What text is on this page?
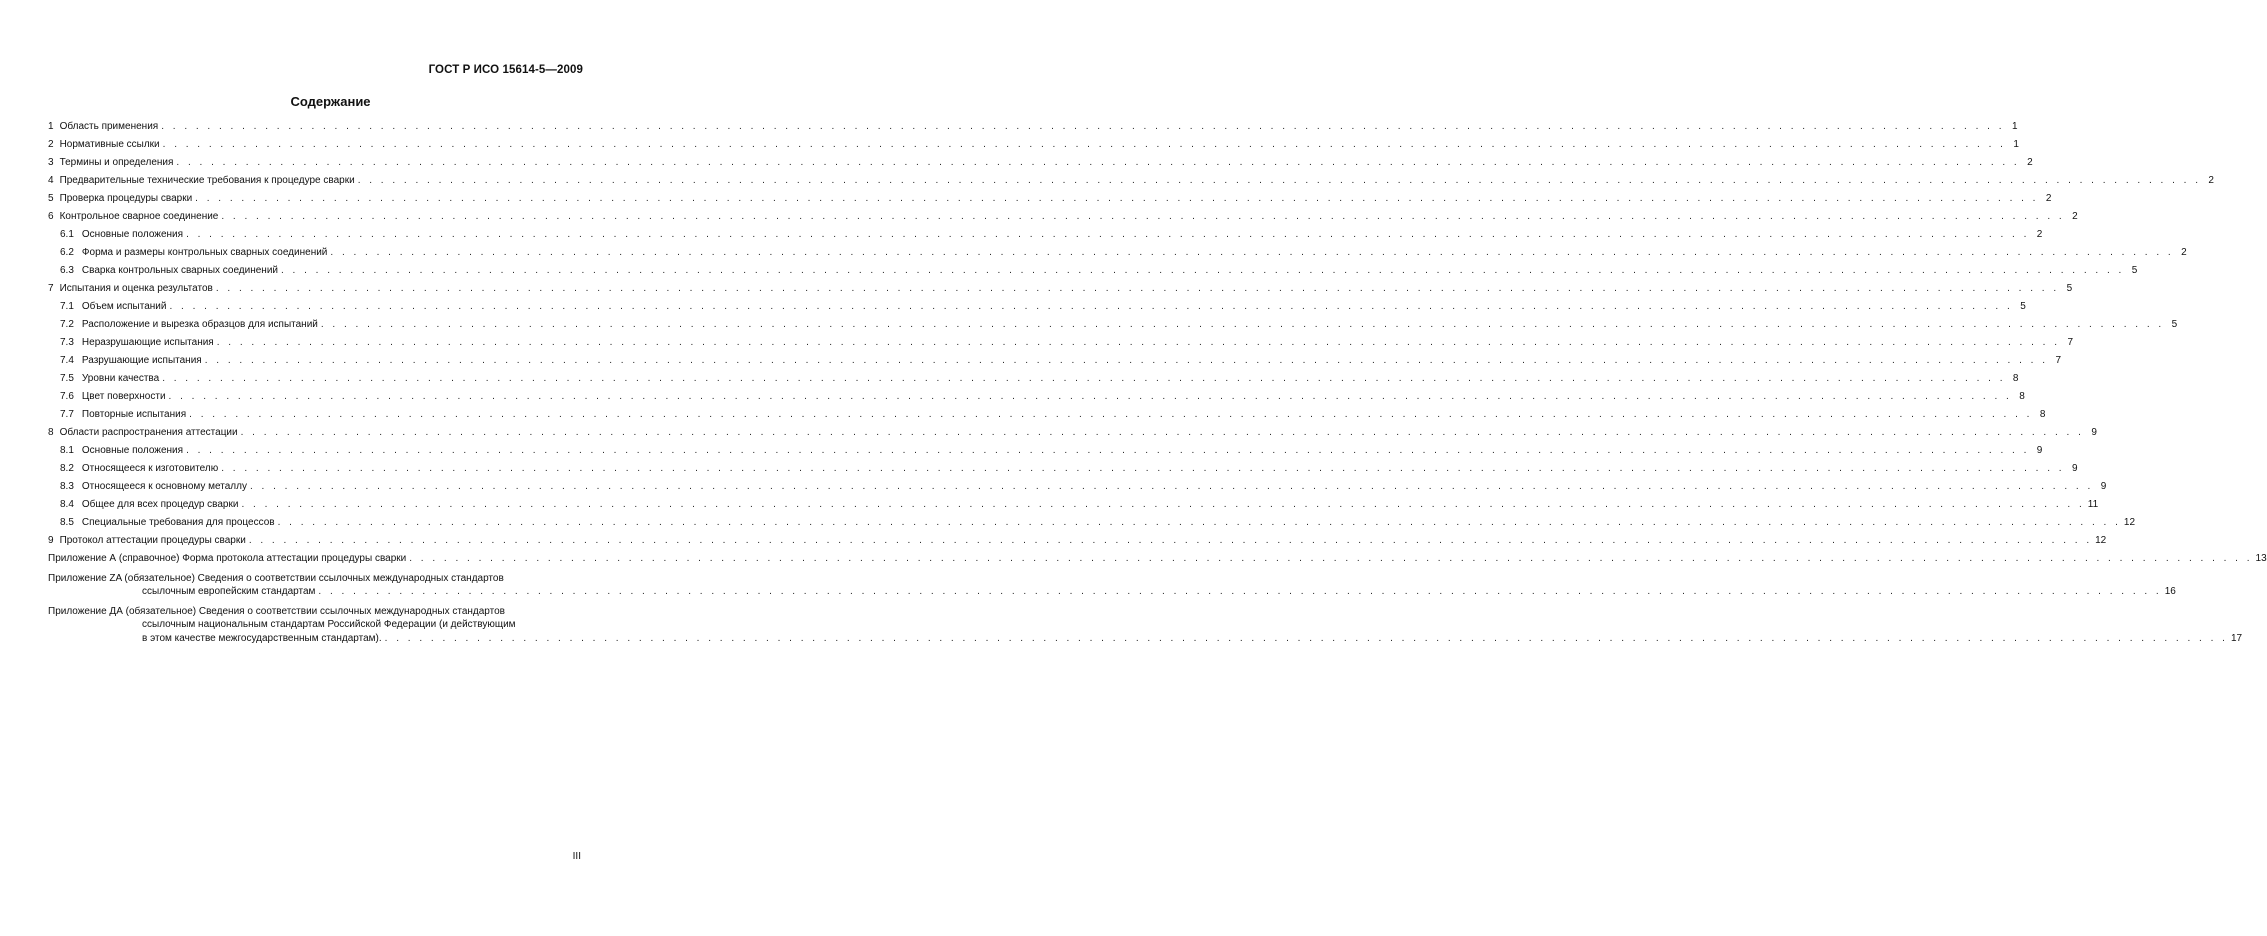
ГОСТ Р ИСО 15614-5—2009
Содержание
1 Область применения . . . . . . . . . . . . . . . . . . . . . . . . . . . . . . . . . . . . . . . . . . . . . . . . . . . . . . . . . . . . . . . . . . . . . . . . . . . . . . . . . . . . . . . . . . . . . . . . . . . . . . . . . . . . . . . . . . . . . . . . . . . . . . . . . . . . . . . . . . . . . . . . . . . . . . . . . . . . . . . . 1
2 Нормативные ссылки . . . . . . . . . . . . . . . . . . . . . . . . . . . . . . . . . . . . . . . . . . . . . . . . . . . . . . . . . . . . . . . . . . . . . . . . . . . . . . . . . . . . . . . . . . . . . . . . . . . . . . . . . . . . . . . . . . . . . . . . . . . . . . . . . . . . . . . . . . . . . . . . . . . . . . . . . . . . . . . . 1
3 Термины и определения . . . . . . . . . . . . . . . . . . . . . . . . . . . . . . . . . . . . . . . . . . . . . . . . . . . . . . . . . . . . . . . . . . . . . . . . . . . . . . . . . . . . . . . . . . . . . . . . . . . . . . . . . . . . . . . . . . . . . . . . . . . . . . . . . . . . . . . . . . . . . . . . . . . . . . . . . . . . . . . . 2
4 Предварительные технические требования к процедуре сварки . . . . . . . . . . . . . . . . . . . . . . . . . . . . . . . . . . . . . . . . . . . . . . . . . . . . . . . . . . . . . . . . . . . . . . . . . . . . . . . . . . . . . . . . . . . . . . . . . . . . . . . . . . . . . . . . . . . . . . . . . . . . . . . . . . . . . . . . . . . . . . . . . . . . . . . . . . . . . . . . 2
5 Проверка процедуры сварки . . . . . . . . . . . . . . . . . . . . . . . . . . . . . . . . . . . . . . . . . . . . . . . . . . . . . . . . . . . . . . . . . . . . . . . . . . . . . . . . . . . . . . . . . . . . . . . . . . . . . . . . . . . . . . . . . . . . . . . . . . . . . . . . . . . . . . . . . . . . . . . . . . . . . . . . . . . . . . . . 2
6 Контрольное сварное соединение . . . . . . . . . . . . . . . . . . . . . . . . . . . . . . . . . . . . . . . . . . . . . . . . . . . . . . . . . . . . . . . . . . . . . . . . . . . . . . . . . . . . . . . . . . . . . . . . . . . . . . . . . . . . . . . . . . . . . . . . . . . . . . . . . . . . . . . . . . . . . . . . . . . . . . . . . . . . . . . . 2
6.1 Основные положения . . . . . . . . . . . . . . . . . . . . . . . . . . . . . . . . . . . . . . . . . . . . . . . . . . . . . . . . . . . . . . . . . . . . . . . . . . . . . . . . . . . . . . . . . . . . . . . . . . . . . . . . . . . . . . . . . . . . . . . . . . . . . . . . . . . . . . . . . . . . . . . . . . . . . . . . . . . . . . . . 2
6.2 Форма и размеры контрольных сварных соединений . . . . . . . . . . . . . . . . . . . . . . . . . . . . . . . . . . . . . . . . . . . . . . . . . . . . . . . . . . . . . . . . . . . . . . . . . . . . . . . . . . . . . . . . . . . . . . . . . . . . . . . . . . . . . . . . . . . . . . . . . . . . . . . . . . . . . . . . . . . . . . . . . . . . . . . . . . . . . . . . 2
6.3 Сварка контрольных сварных соединений . . . . . . . . . . . . . . . . . . . . . . . . . . . . . . . . . . . . . . . . . . . . . . . . . . . . . . . . . . . . . . . . . . . . . . . . . . . . . . . . . . . . . . . . . . . . . . . . . . . . . . . . . . . . . . . . . . . . . . . . . . . . . . . . . . . . . . . . . . . . . . . . . . . . . . . . . . . . . . . . 5
7 Испытания и оценка результатов . . . . . . . . . . . . . . . . . . . . . . . . . . . . . . . . . . . . . . . . . . . . . . . . . . . . . . . . . . . . . . . . . . . . . . . . . . . . . . . . . . . . . . . . . . . . . . . . . . . . . . . . . . . . . . . . . . . . . . . . . . . . . . . . . . . . . . . . . . . . . . . . . . . . . . . . . . . . . . . . 5
7.1 Объем испытаний . . . . . . . . . . . . . . . . . . . . . . . . . . . . . . . . . . . . . . . . . . . . . . . . . . . . . . . . . . . . . . . . . . . . . . . . . . . . . . . . . . . . . . . . . . . . . . . . . . . . . . . . . . . . . . . . . . . . . . . . . . . . . . . . . . . . . . . . . . . . . . . . . . . . . . . . . . . . . . . . 5
7.2 Расположение и вырезка образцов для испытаний . . . . . . . . . . . . . . . . . . . . . . . . . . . . . . . . . . . . . . . . . . . . . . . . . . . . . . . . . . . . . . . . . . . . . . . . . . . . . . . . . . . . . . . . . . . . . . . . . . . . . . . . . . . . . . . . . . . . . . . . . . . . . . . . . . . . . . . . . . . . . . . . . . . . . . . . . . . . . . . . 5
7.3 Неразрушающие испытания . . . . . . . . . . . . . . . . . . . . . . . . . . . . . . . . . . . . . . . . . . . . . . . . . . . . . . . . . . . . . . . . . . . . . . . . . . . . . . . . . . . . . . . . . . . . . . . . . . . . . . . . . . . . . . . . . . . . . . . . . . . . . . . . . . . . . . . . . . . . . . . . . . . . . . . . . . . . . . . . 7
7.4 Разрушающие испытания . . . . . . . . . . . . . . . . . . . . . . . . . . . . . . . . . . . . . . . . . . . . . . . . . . . . . . . . . . . . . . . . . . . . . . . . . . . . . . . . . . . . . . . . . . . . . . . . . . . . . . . . . . . . . . . . . . . . . . . . . . . . . . . . . . . . . . . . . . . . . . . . . . . . . . . . . . . . . . . . 7
7.5 Уровни качества . . . . . . . . . . . . . . . . . . . . . . . . . . . . . . . . . . . . . . . . . . . . . . . . . . . . . . . . . . . . . . . . . . . . . . . . . . . . . . . . . . . . . . . . . . . . . . . . . . . . . . . . . . . . . . . . . . . . . . . . . . . . . . . . . . . . . . . . . . . . . . . . . . . . . . . . . . . . . . . . 8
7.6 Цвет поверхности . . . . . . . . . . . . . . . . . . . . . . . . . . . . . . . . . . . . . . . . . . . . . . . . . . . . . . . . . . . . . . . . . . . . . . . . . . . . . . . . . . . . . . . . . . . . . . . . . . . . . . . . . . . . . . . . . . . . . . . . . . . . . . . . . . . . . . . . . . . . . . . . . . . . . . . . . . . . . . . . 8
7.7 Повторные испытания . . . . . . . . . . . . . . . . . . . . . . . . . . . . . . . . . . . . . . . . . . . . . . . . . . . . . . . . . . . . . . . . . . . . . . . . . . . . . . . . . . . . . . . . . . . . . . . . . . . . . . . . . . . . . . . . . . . . . . . . . . . . . . . . . . . . . . . . . . . . . . . . . . . . . . . . . . . . . . . . 8
8 Области распространения аттестации . . . . . . . . . . . . . . . . . . . . . . . . . . . . . . . . . . . . . . . . . . . . . . . . . . . . . . . . . . . . . . . . . . . . . . . . . . . . . . . . . . . . . . . . . . . . . . . . . . . . . . . . . . . . . . . . . . . . . . . . . . . . . . . . . . . . . . . . . . . . . . . . . . . . . . . . . . . . . . . . 9
8.1 Основные положения . . . . . . . . . . . . . . . . . . . . . . . . . . . . . . . . . . . . . . . . . . . . . . . . . . . . . . . . . . . . . . . . . . . . . . . . . . . . . . . . . . . . . . . . . . . . . . . . . . . . . . . . . . . . . . . . . . . . . . . . . . . . . . . . . . . . . . . . . . . . . . . . . . . . . . . . . . . . . . . . 9
8.2 Относящееся к изготовителю . . . . . . . . . . . . . . . . . . . . . . . . . . . . . . . . . . . . . . . . . . . . . . . . . . . . . . . . . . . . . . . . . . . . . . . . . . . . . . . . . . . . . . . . . . . . . . . . . . . . . . . . . . . . . . . . . . . . . . . . . . . . . . . . . . . . . . . . . . . . . . . . . . . . . . . . . . . . . . . . 9
8.3 Относящееся к основному металлу . . . . . . . . . . . . . . . . . . . . . . . . . . . . . . . . . . . . . . . . . . . . . . . . . . . . . . . . . . . . . . . . . . . . . . . . . . . . . . . . . . . . . . . . . . . . . . . . . . . . . . . . . . . . . . . . . . . . . . . . . . . . . . . . . . . . . . . . . . . . . . . . . . . . . . . . . . . . . . . . 9
8.4 Общее для всех процедур сварки . . . . . . . . . . . . . . . . . . . . . . . . . . . . . . . . . . . . . . . . . . . . . . . . . . . . . . . . . . . . . . . . . . . . . . . . . . . . . . . . . . . . . . . . . . . . . . . . . . . . . . . . . . . . . . . . . . . . . . . . . . . . . . . . . . . . . . . . . . . . . . . . . . . . . . . . . . . . . . . . 11
8.5 Специальные требования для процессов . . . . . . . . . . . . . . . . . . . . . . . . . . . . . . . . . . . . . . . . . . . . . . . . . . . . . . . . . . . . . . . . . . . . . . . . . . . . . . . . . . . . . . . . . . . . . . . . . . . . . . . . . . . . . . . . . . . . . . . . . . . . . . . . . . . . . . . . . . . . . . . . . . . . . . . . . . . . . . . . 12
9 Протокол аттестации процедуры сварки . . . . . . . . . . . . . . . . . . . . . . . . . . . . . . . . . . . . . . . . . . . . . . . . . . . . . . . . . . . . . . . . . . . . . . . . . . . . . . . . . . . . . . . . . . . . . . . . . . . . . . . . . . . . . . . . . . . . . . . . . . . . . . . . . . . . . . . . . . . . . . . . . . . . . . . . . . . . . . . . 12
Приложение А (справочное) Форма протокола аттестации процедуры сварки . . . . . . . . . . . . . . . . . . . . . . . . . . . . . . . . . . . . . . . . . . . . . . . . . . . . . . . . . . . . . . . . . . . . . . . . . . . . . . . . . . . . . . . . . . . . . . . . . . . . . . . . . . . . . . . . . . . . . . . . . . . . . . . . . . . . . . . . . . . . . . . . . . . . . . . . . . . . . . . . 13
Приложение ZA (обязательное) Сведения о соответствии ссылочных международных стандартов
ссылочным европейским стандартам . . . . . . . . . . . . . . . . . . . . . . . . . . . . . . . . . . . . . . . . . . . . . . . . . . . . . . . . . . . . . . . . . . . . . . . . . . . . . . . . . . . . . . . . . . . . . . . . . . . . . . . . . . . . . . . . . . . . . . . . . . . . . . . . . . . . . . . . . . . . . . . . . . . . . . . . . . . . . . . . 16
Приложение ДА (обязательное) Сведения о соответствии ссылочных международных стандартов
ссылочным национальным стандартам Российской Федерации (и действующим
в этом качестве межгосударственным стандартам). . . . . . . . . . . . . . . . . . . . . . . . . . . . . . . . . . . . . . . . . . . . . . . . . . . . . . . . . . . . . . . . . . . . . . . . . . . . . . . . . . . . . . . . . . . . . . . . . . . . . . . . . . . . . . . . . . . . . . . . . . . . . . . . . . . . . . . . . . . . . . . . . . . . . . . . . . . . . . . . . 17
III
